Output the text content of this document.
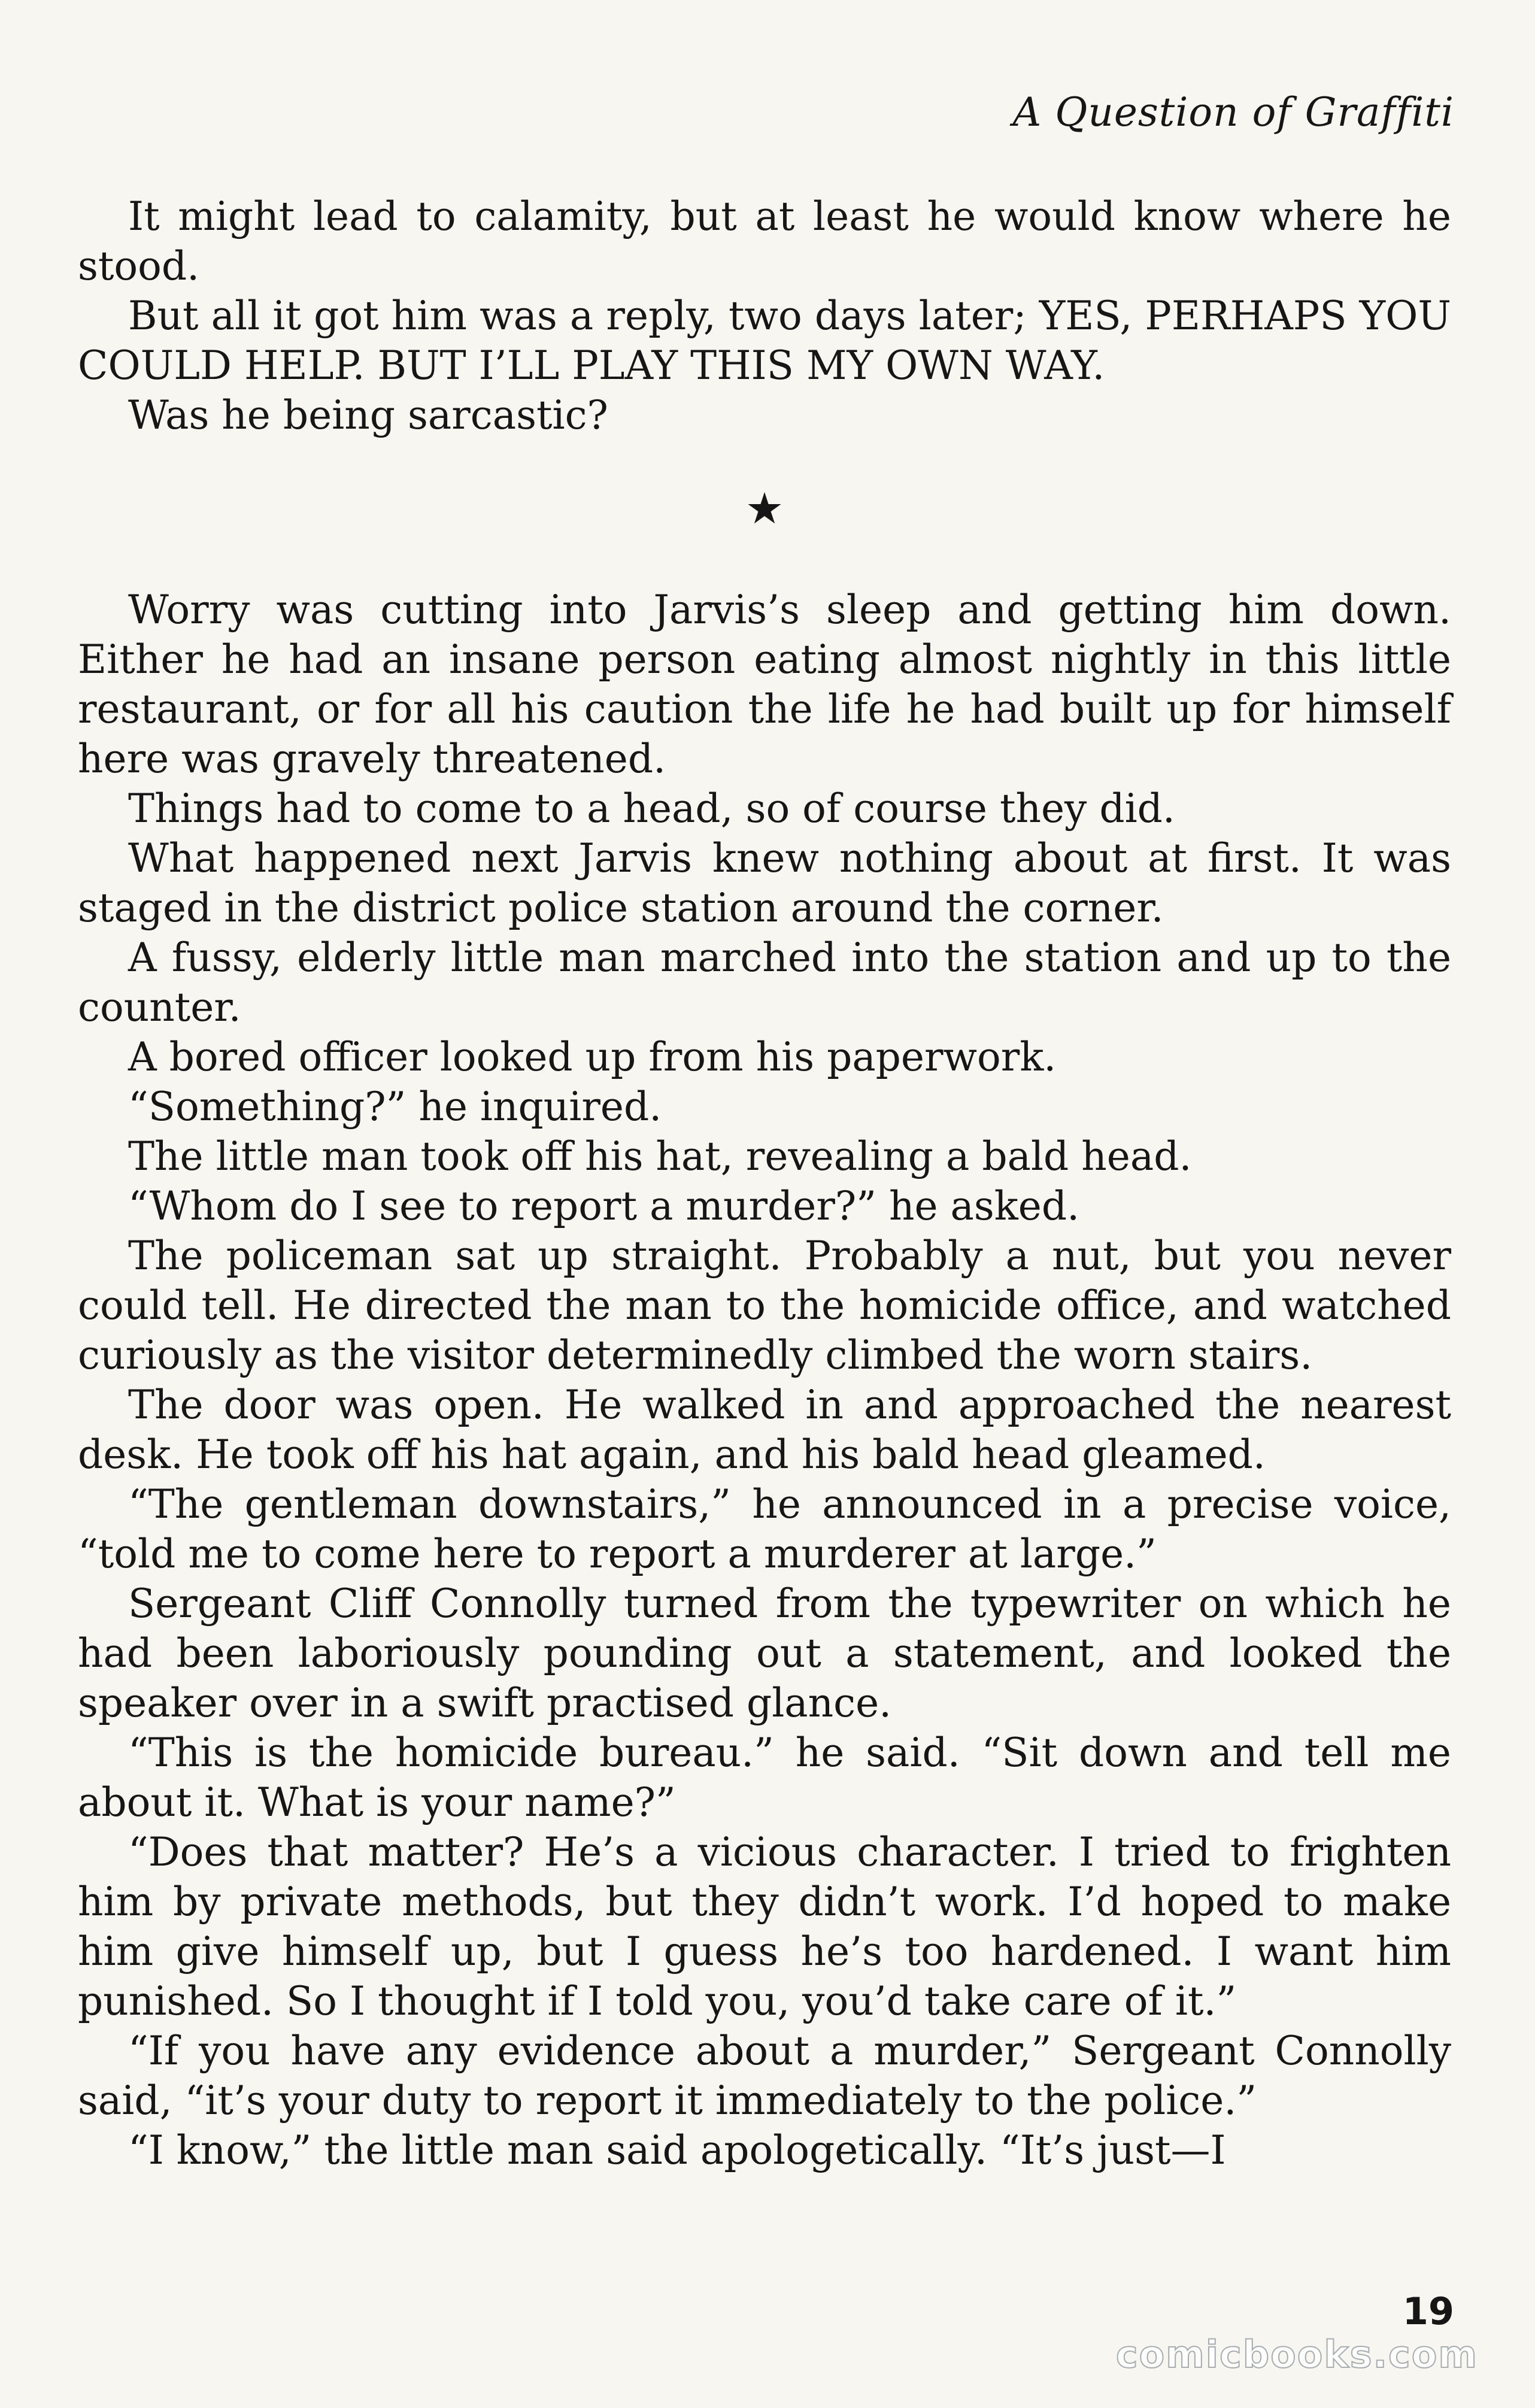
A Question of Graffiti

It might lead to calamity, but at least he would know where he stood.

But all it got him was a reply, two days later; YES, PERHAPS YOU COULD HELP. BUT I’LL PLAY THIS MY OWN WAY.

Was he being sarcastic?

★

Worry was cutting into Jarvis’s sleep and getting him down. Either he had an insane person eating almost nightly in this little restaurant, or for all his caution the life he had built up for himself here was gravely threatened.

Things had to come to a head, so of course they did.

What happened next Jarvis knew nothing about at first. It was staged in the district police station around the corner.

A fussy, elderly little man marched into the station and up to the counter.

A bored officer looked up from his paperwork.

“Something?” he inquired.

The little man took off his hat, revealing a bald head.

“Whom do I see to report a murder?” he asked.

The policeman sat up straight. Probably a nut, but you never could tell. He directed the man to the homicide office, and watched curiously as the visitor determinedly climbed the worn stairs.

The door was open. He walked in and approached the nearest desk. He took off his hat again, and his bald head gleamed.

“The gentleman downstairs,” he announced in a precise voice, “told me to come here to report a murderer at large.”

Sergeant Cliff Connolly turned from the typewriter on which he had been laboriously pounding out a statement, and looked the speaker over in a swift practised glance.

“This is the homicide bureau.” he said. “Sit down and tell me about it. What is your name?”

“Does that matter? He’s a vicious character. I tried to frighten him by private methods, but they didn’t work. I’d hoped to make him give himself up, but I guess he’s too hardened. I want him punished. So I thought if I told you, you’d take care of it.”

“If you have any evidence about a murder,” Sergeant Connolly said, “it’s your duty to report it immediately to the police.”

“I know,” the little man said apologetically. “It’s just—I

19
comicbooks.com
